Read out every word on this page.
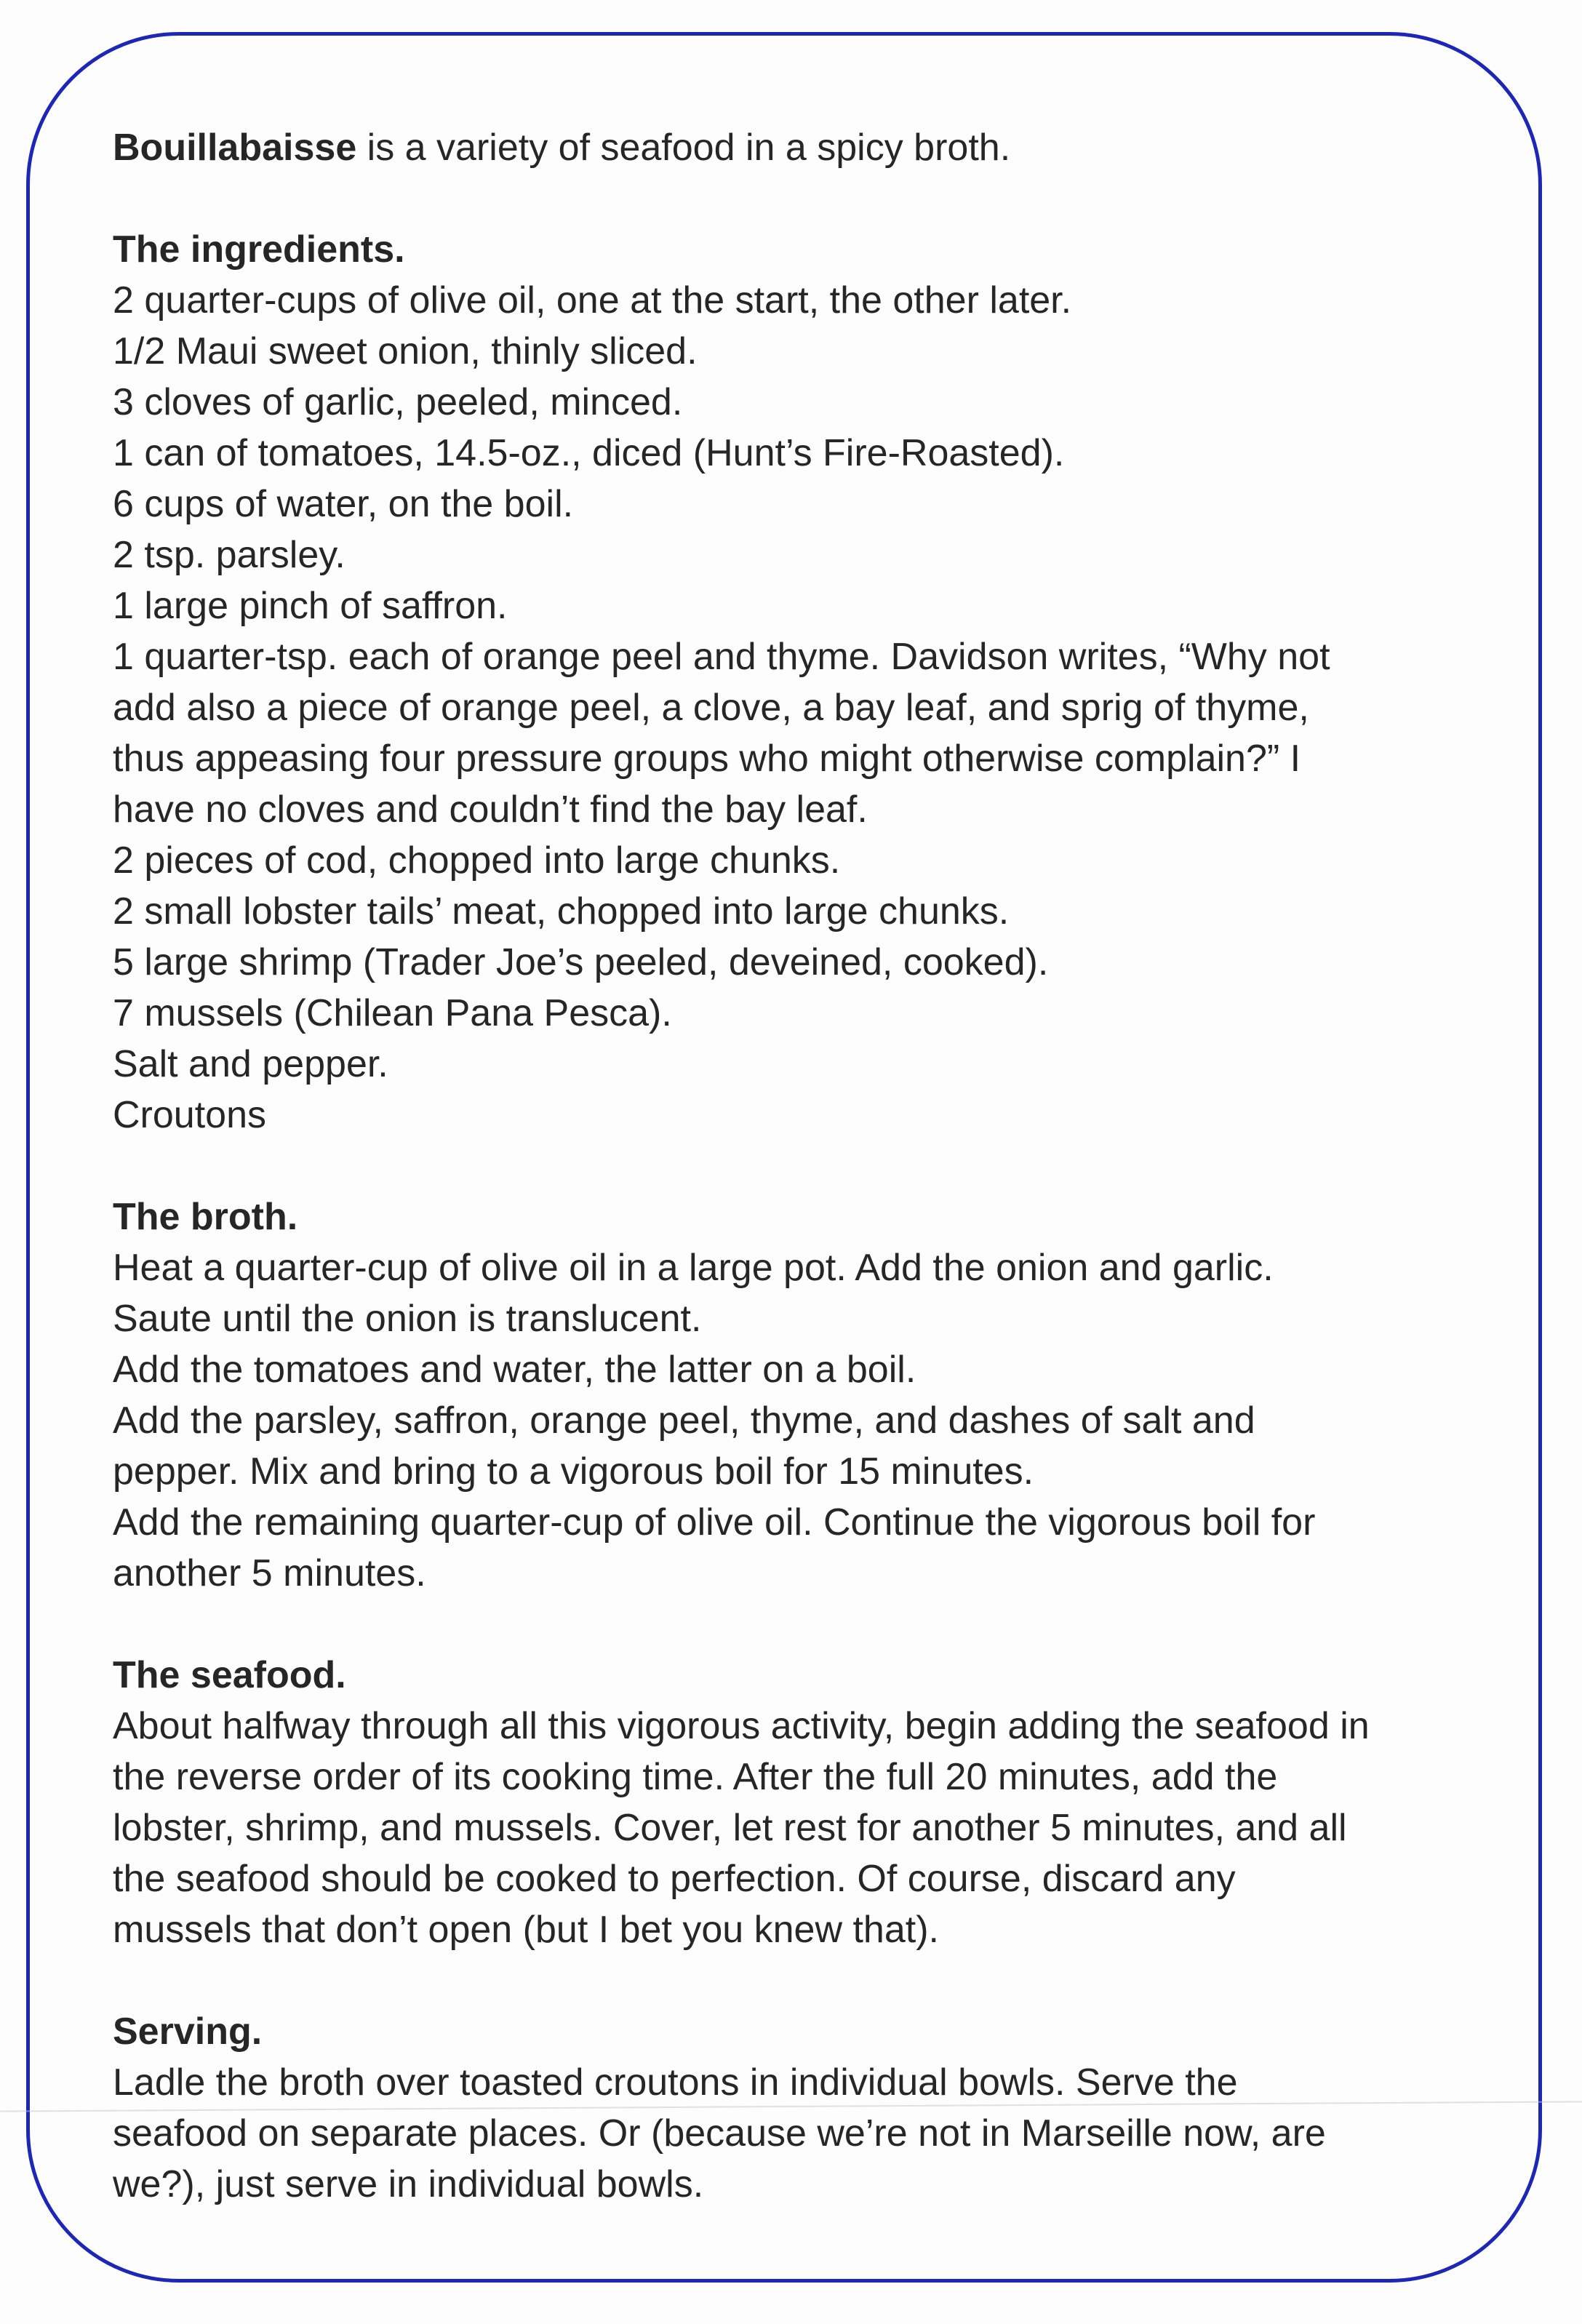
Bouillabaisse is a variety of seafood in a spicy broth.

The ingredients.

2 quarter-cups of olive oil, one at the start, the other later.

1/2 Maui sweet onion, thinly sliced.

3 cloves of garlic, peeled, minced.

1 can of tomatoes, 14.5-oz., diced (Hunt’s Fire-Roasted).

6 cups of water, on the boil.

2 tsp. parsley.

1 large pinch of saffron.

1 quarter-tsp. each of orange peel and thyme. Davidson writes, “Why not

add also a piece of orange peel, a clove, a bay leaf, and sprig of thyme,

thus appeasing four pressure groups who might otherwise complain?” I

have no cloves and couldn’t find the bay leaf.

2 pieces of cod, chopped into large chunks.

2 small lobster tails’ meat, chopped into large chunks.

5 large shrimp (Trader Joe’s peeled, deveined, cooked).

7 mussels (Chilean Pana Pesca).

Salt and pepper.

Croutons

The broth.

Heat a quarter-cup of olive oil in a large pot. Add the onion and garlic.

Saute until the onion is translucent.

Add the tomatoes and water, the latter on a boil.

Add the parsley, saffron, orange peel, thyme, and dashes of salt and

pepper. Mix and bring to a vigorous boil for 15 minutes.

Add the remaining quarter-cup of olive oil. Continue the vigorous boil for

another 5 minutes.

The seafood.

About halfway through all this vigorous activity, begin adding the seafood in

the reverse order of its cooking time. After the full 20 minutes, add the

lobster, shrimp, and mussels. Cover, let rest for another 5 minutes, and all

the seafood should be cooked to perfection. Of course, discard any

mussels that don’t open (but I bet you knew that).

Serving.

Ladle the broth over toasted croutons in individual bowls. Serve the

seafood on separate places. Or (because we’re not in Marseille now, are

we?), just serve in individual bowls.
